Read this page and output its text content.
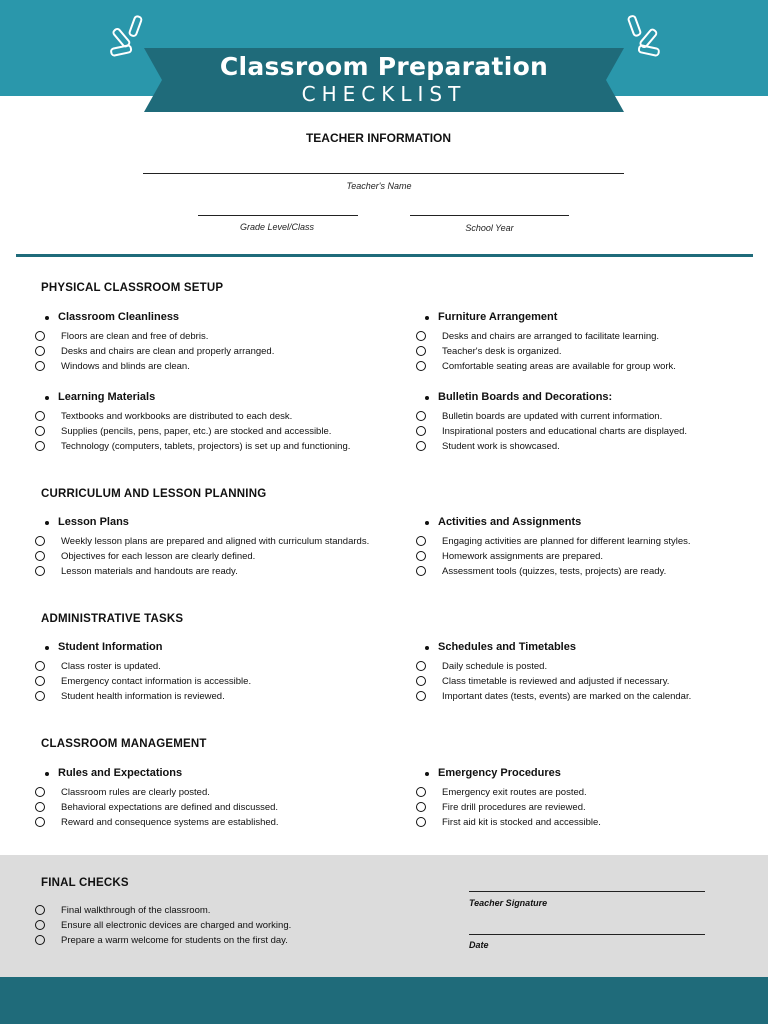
Classroom Preparation
CHECKLIST
TEACHER INFORMATION
Teacher's Name
Grade Level/Class	School Year
PHYSICAL CLASSROOM SETUP
Classroom Cleanliness
Floors are clean and free of debris.
Desks and chairs are clean and properly arranged.
Windows and blinds are clean.
Furniture Arrangement
Desks and chairs are arranged to facilitate learning.
Teacher's desk is organized.
Comfortable seating areas are available for group work.
Learning Materials
Textbooks and workbooks are distributed to each desk.
Supplies (pencils, pens, paper, etc.) are stocked and accessible.
Technology (computers, tablets, projectors) is set up and functioning.
Bulletin Boards and Decorations:
Bulletin boards are updated with current information.
Inspirational posters and educational charts are displayed.
Student work is showcased.
CURRICULUM AND LESSON PLANNING
Lesson Plans
Weekly lesson plans are prepared and aligned with curriculum standards.
Objectives for each lesson are clearly defined.
Lesson materials and handouts are ready.
Activities and Assignments
Engaging activities are planned for different learning styles.
Homework assignments are prepared.
Assessment tools (quizzes, tests, projects) are ready.
ADMINISTRATIVE TASKS
Student Information
Class roster is updated.
Emergency contact information is accessible.
Student health information is reviewed.
Schedules and Timetables
Daily schedule is posted.
Class timetable is reviewed and adjusted if necessary.
Important dates (tests, events) are marked on the calendar.
CLASSROOM MANAGEMENT
Rules and Expectations
Classroom rules are clearly posted.
Behavioral expectations are defined and discussed.
Reward and consequence systems are established.
Emergency Procedures
Emergency exit routes are posted.
Fire drill procedures are reviewed.
First aid kit is stocked and accessible.
FINAL CHECKS
Final walkthrough of the classroom.
Ensure all electronic devices are charged and working.
Prepare a warm welcome for students on the first day.
Teacher Signature
Date
